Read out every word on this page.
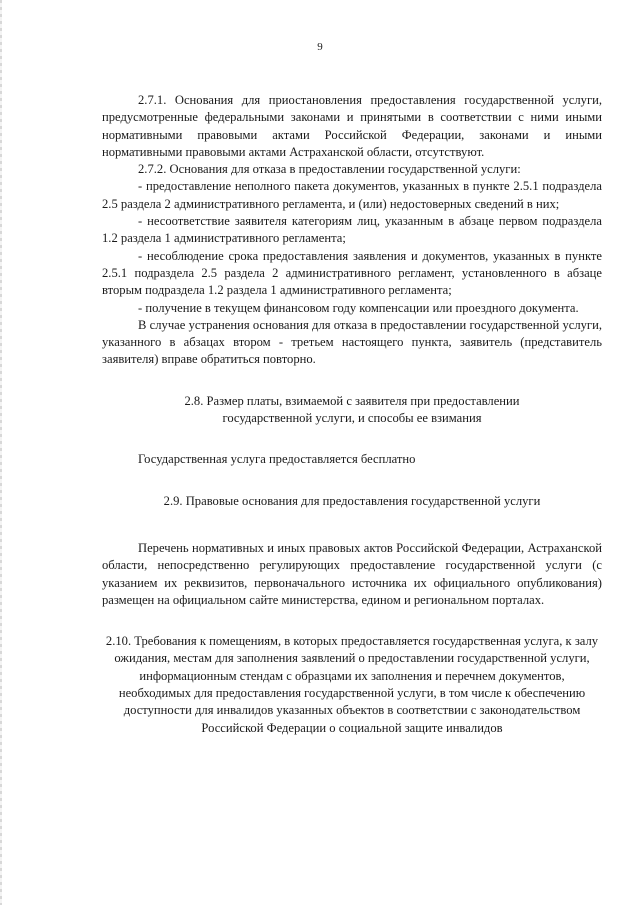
9

2.7.1. Основания для приостановления предоставления государственной услуги, предусмотренные федеральными законами и принятыми в соответствии с ними иными нормативными правовыми актами Российской Федерации, законами и иными нормативными правовыми актами Астраханской области, отсутствуют.

2.7.2. Основания для отказа в предоставлении государственной услуги:

- предоставление неполного пакета документов, указанных в пункте 2.5.1 подраздела 2.5 раздела 2 административного регламента, и (или) недостоверных сведений в них;

- несоответствие заявителя категориям лиц, указанным в абзаце первом подраздела 1.2 раздела 1 административного регламента;

- несоблюдение срока предоставления заявления и документов, указанных в пункте 2.5.1 подраздела 2.5 раздела 2 административного регламент, установленного в абзаце вторым подраздела 1.2 раздела 1 административного регламента;

- получение в текущем финансовом году компенсации или проездного документа.

В случае устранения основания для отказа в предоставлении государственной услуги, указанного в абзацах втором - третьем настоящего пункта, заявитель (представитель заявителя) вправе обратиться повторно.

2.8. Размер платы, взимаемой с заявителя при предоставлении
государственной услуги, и способы ее взимания

Государственная услуга предоставляется бесплатно

2.9. Правовые основания для предоставления государственной услуги

Перечень нормативных и иных правовых актов Российской Федерации, Астраханской области, непосредственно регулирующих предоставление государственной услуги (с указанием их реквизитов, первоначального источника их официального опубликования) размещен на официальном сайте министерства, едином и региональном порталах.

2.10. Требования к помещениям, в которых предоставляется государственная услуга, к залу ожидания, местам для заполнения заявлений о предоставлении государственной услуги, информационным стендам с образцами их заполнения и перечнем документов, необходимых для предоставления государственной услуги, в том числе к обеспечению доступности для инвалидов указанных объектов в соответствии с законодательством Российской Федерации о социальной защите инвалидов
